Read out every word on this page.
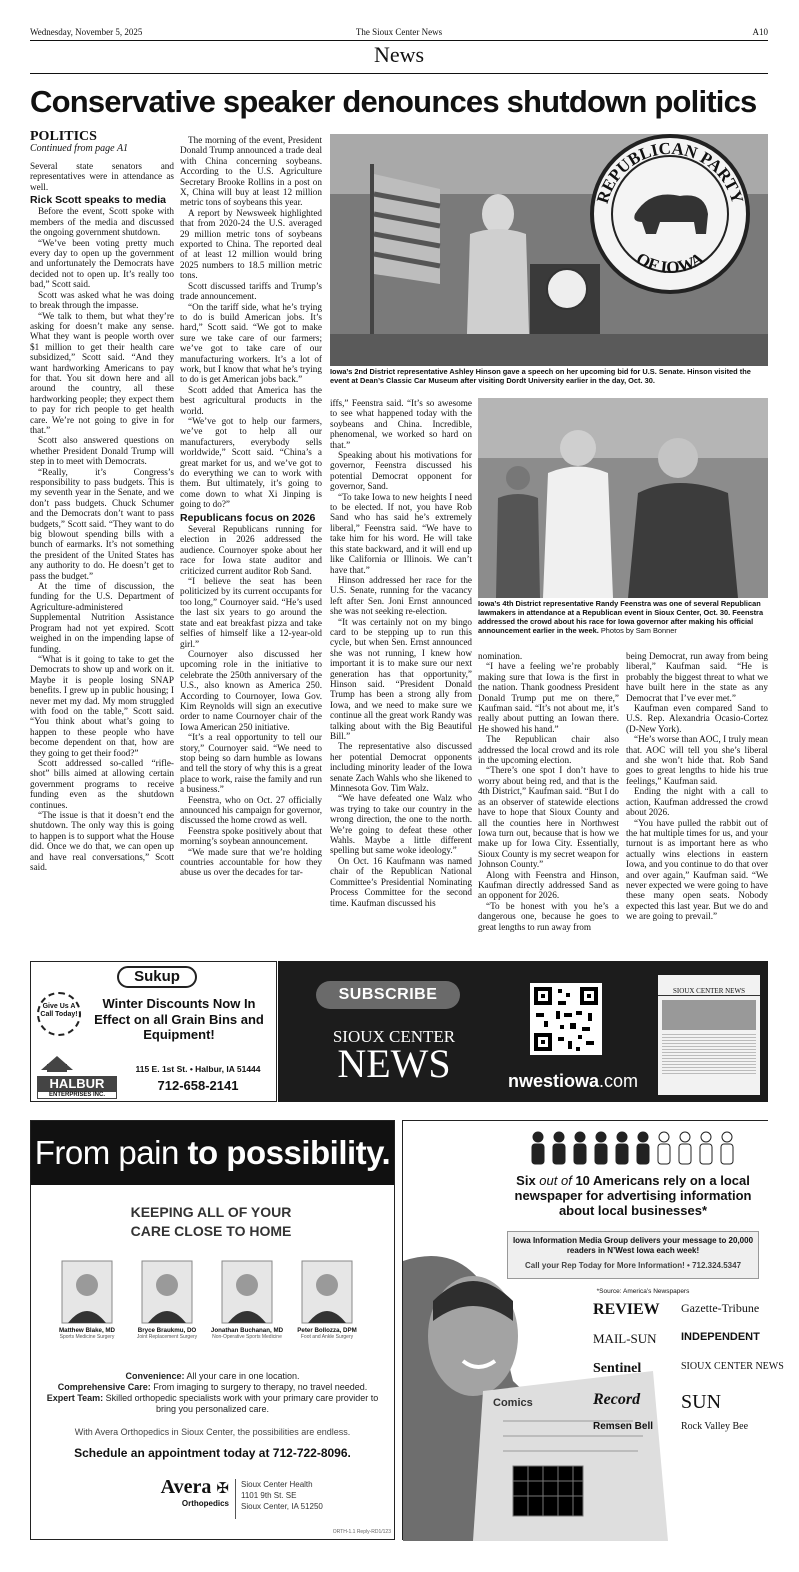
Wednesday, November 5, 2025	The Sioux Center News	A10
News
Conservative speaker denounces shutdown politics
POLITICS
Continued from page A1

Several state senators and representatives were in attendance as well.

Rick Scott speaks to media

Before the event, Scott spoke with members of the media and discussed the ongoing government shutdown.

“We’ve been voting pretty much every day to open up the government and unfortunately the Democrats have decided not to open up. It’s really too bad,” Scott said.

Scott was asked what he was doing to break through the impasse.

“We talk to them, but what they’re asking for doesn’t make any sense. What they want is people worth over $1 million to get their health care subsidized,” Scott said. “And they want hardworking Americans to pay for that. You sit down here and all around the country, all these hardworking people; they expect them to pay for rich people to get health care. We’re not going to give in for that.”

Scott also answered questions on whether President Donald Trump will step in to meet with Democrats.

“Really, it’s Congress’s responsibility to pass budgets. This is my seventh year in the Senate, and we don’t pass budgets. Chuck Schumer and the Democrats don’t want to pass budgets,” Scott said. “They want to do big blowout spending bills with a bunch of earmarks. It’s not something the president of the United States has any authority to do. He doesn’t get to pass the budget.”

At the time of discussion, the funding for the U.S. Department of Agriculture-administered Supplemental Nutrition Assistance Program had not yet expired. Scott weighed in on the impending lapse of funding.

“What is it going to take to get the Democrats to show up and work on it. Maybe it is people losing SNAP benefits. I grew up in public housing; I never met my dad. My mom struggled with food on the table,” Scott said. “You think about what’s going to happen to these people who have become dependent on that, how are they going to get their food?”

Scott addressed so-called “rifle-shot” bills aimed at allowing certain government programs to receive funding even as the shutdown continues.

“The issue is that it doesn’t end the shutdown. The only way this is going to happen is to support what the House did. Once we do that, we can open up and have real conversations,” Scott said.

The morning of the event, President Donald Trump announced a trade deal with China concerning soybeans. According to the U.S. Agriculture Secretary Brooke Rollins in a post on X, China will buy at least 12 million metric tons of soybeans this year.

A report by Newsweek highlighted that from 2020-24 the U.S. averaged 29 million metric tons of soybeans exported to China. The reported deal of at least 12 million would bring 2025 numbers to 18.5 million metric tons.

Scott discussed tariffs and Trump’s trade announcement.

“On the tariff side, what he’s trying to do is build American jobs. It’s hard,” Scott said. “We got to make sure we take care of our farmers; we’ve got to take care of our manufacturing workers. It’s a lot of work, but I know that what he’s trying to do is get American jobs back.”

Scott added that America has the best agricultural products in the world.

“We’ve got to help our farmers, we’ve got to help all our manufacturers, everybody sells worldwide,” Scott said. “China’s a great market for us, and we’ve got to do everything we can to work with them. But ultimately, it’s going to come down to what Xi Jinping is going to do?”

Republicans focus on 2026

Several Republicans running for election in 2026 addressed the audience. Cournoyer spoke about her race for Iowa state auditor and criticized current auditor Rob Sand.

“I believe the seat has been politicized by its current occupants for too long,” Cournoyer said. “He’s used the last six years to go around the state and eat breakfast pizza and take selfies of himself like a 12-year-old girl.”

Cournoyer also discussed her upcoming role in the initiative to celebrate the 250th anniversary of the U.S., also known as America 250. According to Cournoyer, Iowa Gov. Kim Reynolds will sign an executive order to name Cournoyer chair of the Iowa American 250 initiative.

“It’s a real opportunity to tell our story,” Cournoyer said. “We need to stop being so darn humble as Iowans and tell the story of why this is a great place to work, raise the family and run a business.”

Feenstra, who on Oct. 27 officially announced his campaign for governor, discussed the home crowd as well.

Feenstra spoke positively about that morning’s soybean announcement.

“We made sure that we’re holding countries accountable for how they abuse us over the decades for tar-

iffs,” Feenstra said. “It’s so awesome to see what happened today with the soybeans and China. Incredible, phenomenal, we worked so hard on that.”

Speaking about his motivations for governor, Feenstra discussed his potential Democrat opponent for governor, Sand.

“To take Iowa to new heights I need to be elected. If not, you have Rob Sand who has said he’s extremely liberal,” Feenstra said. “We have to take him for his word. He will take this state backward, and it will end up like California or Illinois. We can’t have that.”

Hinson addressed her race for the U.S. Senate, running for the vacancy left after Sen. Joni Ernst announced she was not seeking re-election.

“It was certainly not on my bingo card to be stepping up to run this cycle, but when Sen. Ernst announced she was not running, I knew how important it is to make sure our next generation has that opportunity,” Hinson said. “President Donald Trump has been a strong ally from Iowa, and we need to make sure we continue all the great work Randy was talking about with the Big Beautiful Bill.”

The representative also discussed her potential Democrat opponents including minority leader of the Iowa senate Zach Wahls who she likened to Minnesota Gov. Tim Walz.

“We have defeated one Walz who was trying to take our country in the wrong direction, the one to the north. We’re going to defeat these other Wahls. Maybe a little different spelling but same woke ideology.”

On Oct. 16 Kaufmann was named chair of the Republican National Committee’s Presidential Nominating Process Committee for the second time. Kaufman discussed his

nomination.

“I have a feeling we’re probably making sure that Iowa is the first in the nation. Thank goodness President Donald Trump put me on there,” Kaufman said. “It’s not about me, it’s really about putting an Iowan there. He showed his hand.”

The Republican chair also addressed the local crowd and its role in the upcoming election.

“There’s one spot I don’t have to worry about being red, and that is the 4th District,” Kaufman said. “But I do as an observer of statewide elections have to hope that Sioux County and all the counties here in Northwest Iowa turn out, because that is how we make up for Iowa City. Essentially, Sioux County is my secret weapon for Johnson County.”

Along with Feenstra and Hinson, Kaufman directly addressed Sand as an opponent for 2026.

“To be honest with you he’s a dangerous one, because he goes to great lengths to run away from

being Democrat, run away from being liberal,” Kaufman said. “He is probably the biggest threat to what we have built here in the state as any Democrat that I’ve ever met.”

Kaufman even compared Sand to U.S. Rep. Alexandria Ocasio-Cortez (D-New York).

“He’s worse than AOC, I truly mean that. AOC will tell you she’s liberal and she won’t hide that. Rob Sand goes to great lengths to hide his true feelings,” Kaufman said.

Ending the night with a call to action, Kaufman addressed the crowd about 2026.

“You have pulled the rabbit out of the hat multiple times for us, and your turnout is as important here as who actually wins elections in eastern Iowa, and you continue to do that over and over again,” Kaufman said. “We never expected we were going to have these many open seats. Nobody expected this last year. But we do and we are going to prevail.”

REPUBLICAN PARTY
OF IOWA
Iowa’s 2nd District representative Ashley Hinson gave a speech on her upcoming bid for U.S. Senate. Hinson visited the event at Dean’s Classic Car Museum after visiting Dordt University earlier in the day, Oct. 30.
Iowa’s 4th District representative Randy Feenstra was one of several Republican lawmakers in attendance at a Republican event in Sioux Center, Oct. 30. Feenstra addressed the crowd about his race for Iowa governor after making his official announcement earlier in the week. Photos by Sam Bonner
Sukup
Give Us A Call Today!
Winter Discounts Now In Effect on all Grain Bins and Equipment!
HALBUR
ENTERPRISES INC.
115 E. 1st St. • Halbur, IA 51444
712-658-2141
SUBSCRIBE
SIOUX CENTER
NEWS	nwestiowa.com
SIOUX CENTER NEWS
From pain to possibility.
KEEPING ALL OF YOUR CARE CLOSE TO HOME
Matthew Blake, MD
Sports Medicine Surgery
Bryce Braukmu, DO
Joint Replacement Surgery
Jonathan Buchanan, MD
Non-Operative Sports Medicine
Peter Bollozza, DPM
Foot and Ankle Surgery
Convenience: All your care in one location.
Comprehensive Care: From imaging to surgery to therapy, no travel needed.
Expert Team: Skilled orthopedic specialists work with your primary care provider to bring you personalized care.
With Avera Orthopedics in Sioux Center, the possibilities are endless.
Schedule an appointment today at 712-722-8096.
Avera ✠
Orthopedics
Sioux Center Health
1101 9th St. SE
Sioux Center, IA 51250
ORTH-1.1 Reply-RD1/123
Comics
Six out of 10 Americans rely on a local newspaper for advertising information about local businesses*
Iowa Information Media Group delivers your message to 20,000 readers in N’West Iowa each week!
Call your Rep Today for More Information! • 712.324.5347
*Source: America’s Newspapers
REVIEW	Gazette-Tribune
MAIL-SUN	INDEPENDENT
Sentinel	SIOUX CENTER NEWS
Record	SUN
Remsen Bell	Rock Valley Bee
